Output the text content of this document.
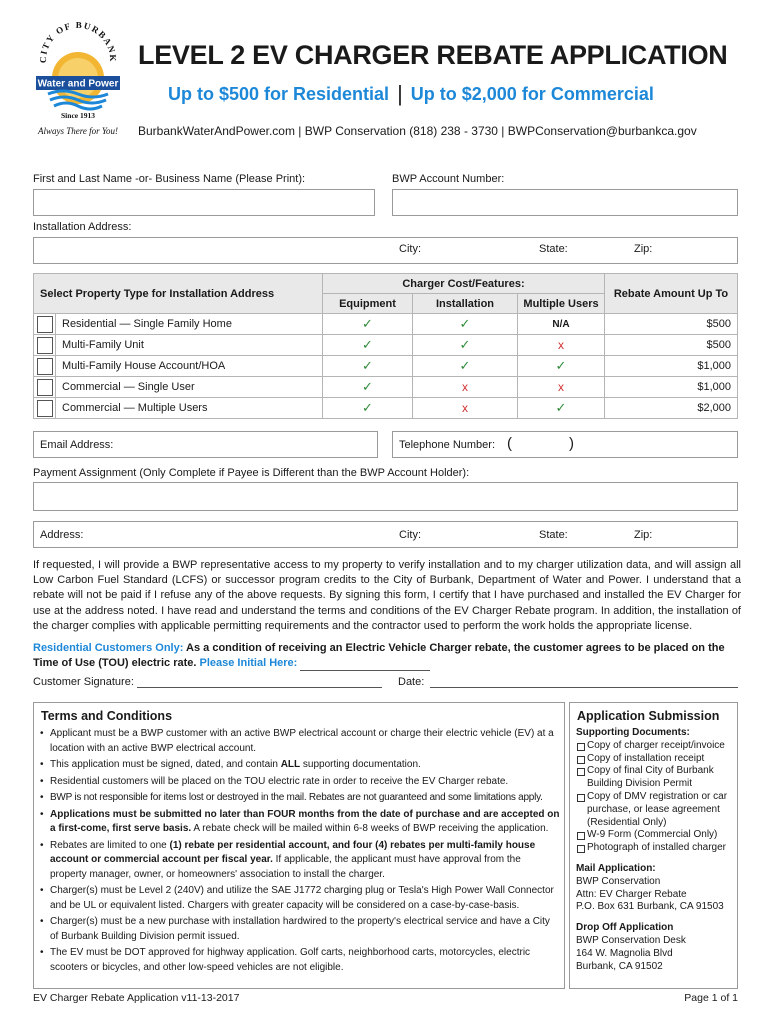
CITY OF BURBANK
Water and Power
Since 1913
Always There for You!
LEVEL 2 EV CHARGER REBATE APPLICATION
Up to $500 for Residential | Up to $2,000 for Commercial
BurbankWaterAndPower.com | BWP Conservation (818) 238 - 3730 | BWPConservation@burbankca.gov
First and Last Name -or- Business Name (Please Print):	BWP Account Number:
Installation Address:
City:	State:	Zip:
Select Property Type for Installation Address		Charger Cost/Features:			Rebate Amount Up To
		Equipment	Installation	Multiple Users	

	Residential — Single Family Home	✓	✓	N/A	$500

	Multi-Family Unit	✓	✓	x	$500

	Multi-Family House Account/HOA	✓	✓	✓	$1,000

	Commercial — Single User	✓	x	x	$1,000

	Commercial — Multiple Users	✓	x	✓	$2,000
Email Address:	Telephone Number: (	)
Payment Assignment (Only Complete if Payee is Different than the BWP Account Holder):
Address:	City:	State:	Zip:
If requested, I will provide a BWP representative access to my property to verify installation and to my charger utilization data, and will assign all Low Carbon Fuel Standard (LCFS) or successor program credits to the City of Burbank, Department of Water and Power. I understand that a rebate will not be paid if I refuse any of the above requests. By signing this form, I certify that I have purchased and installed the EV Charger for use at the address noted. I have read and understand the terms and conditions of the EV Charger Rebate program. In addition, the installation of the charger complies with applicable permitting requirements and the contractor used to perform the work holds the appropriate license.
Residential Customers Only: As a condition of receiving an Electric Vehicle Charger rebate, the customer agrees to be placed on the Time of Use (TOU) electric rate. Please Initial Here:
Customer Signature:	Date:
Terms and Conditions
• Applicant must be a BWP customer with an active BWP electrical account or charge their electric vehicle (EV) at a location with an active BWP electrical account.
• This application must be signed, dated, and contain ALL supporting documentation.
• Residential customers will be placed on the TOU electric rate in order to receive the EV Charger rebate.
• BWP is not responsible for items lost or destroyed in the mail. Rebates are not guaranteed and some limitations apply.
• Applications must be submitted no later than FOUR months from the date of purchase and are accepted on a first-come, first serve basis. A rebate check will be mailed within 6-8 weeks of BWP receiving the application.
• Rebates are limited to one (1) rebate per residential account, and four (4) rebates per multi-family house account or commercial account per fiscal year. If applicable, the applicant must have approval from the property manager, owner, or homeowners' association to install the charger.
• Charger(s) must be Level 2 (240V) and utilize the SAE J1772 charging plug or Tesla's High Power Wall Connector and be UL or equivalent listed. Chargers with greater capacity will be considered on a case-by-case-basis.
• Charger(s) must be a new purchase with installation hardwired to the property's electrical service and have a City of Burbank Building Division permit issued.
• The EV must be DOT approved for highway application. Golf carts, neighborhood carts, motorcycles, electric scooters or bicycles, and other low-speed vehicles are not eligible.
Application Submission
Supporting Documents:
Copy of charger receipt/invoice
Copy of installation receipt
Copy of final City of Burbank Building Division Permit
Copy of DMV registration or car purchase, or lease agreement (Residential Only)
W-9 Form (Commercial Only)
Photograph of installed charger
Mail Application:
BWP Conservation
Attn: EV Charger Rebate
P.O. Box 631 Burbank, CA 91503
Drop Off Application
BWP Conservation Desk
164 W. Magnolia Blvd
Burbank, CA 91502
EV Charger Rebate Application v11-13-2017	Page 1 of 1
